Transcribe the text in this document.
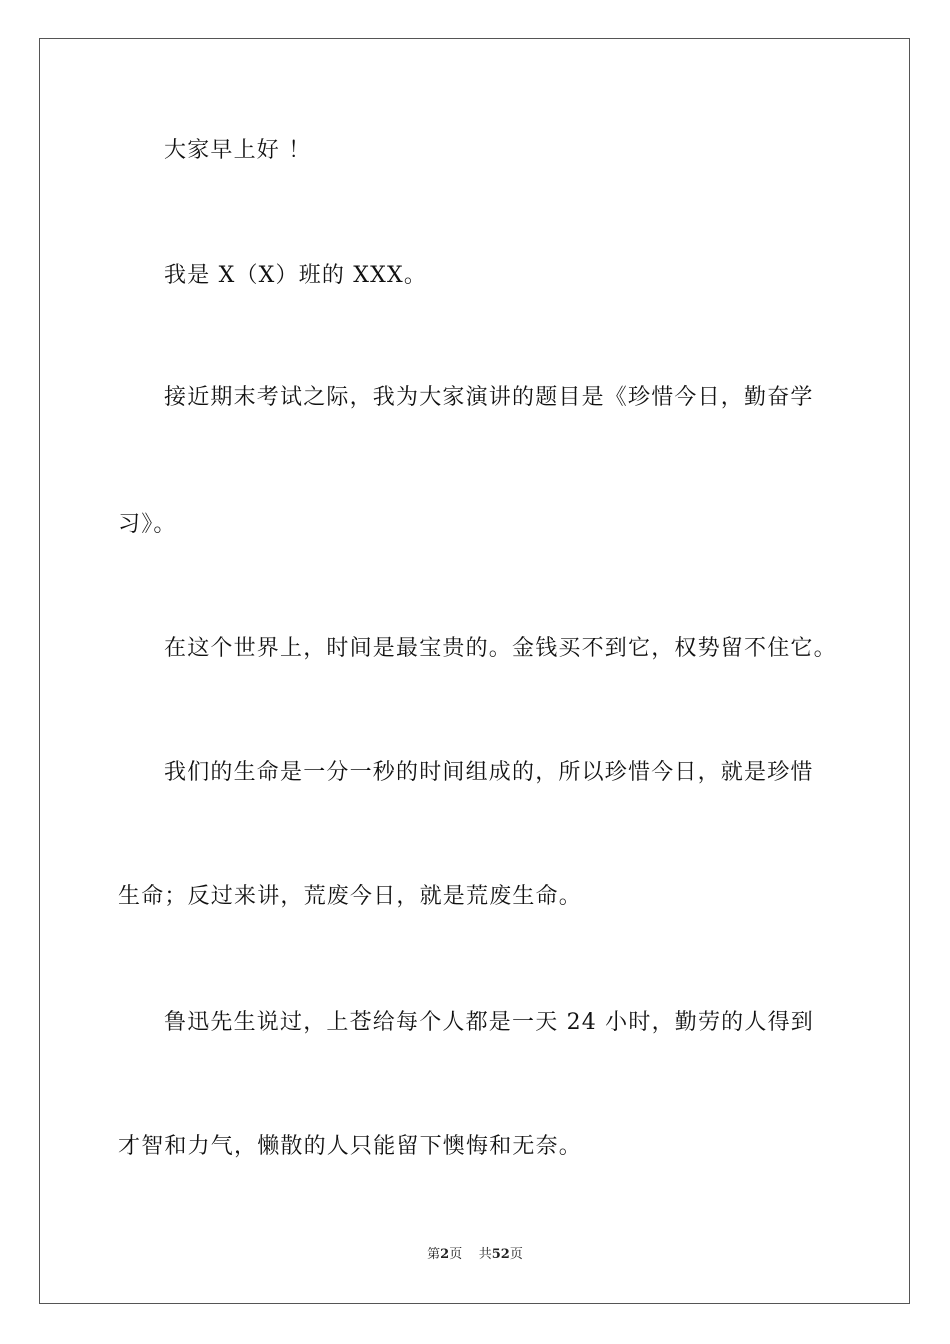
大家早上好 ！
我是 X（X）班的 XXX。
接近期末考试之际，我为大家演讲的题目是《珍惜今日，勤奋学
习》。
在这个世界上，时间是最宝贵的。金钱买不到它，权势留不住它。
我们的生命是一分一秒的时间组成的，所以珍惜今日，就是珍惜
生命；反过来讲，荒废今日，就是荒废生命。
鲁迅先生说过，上苍给每个人都是一天 24 小时，勤劳的人得到
才智和力气，懒散的人只能留下懊悔和无奈。
第2页 共52页
